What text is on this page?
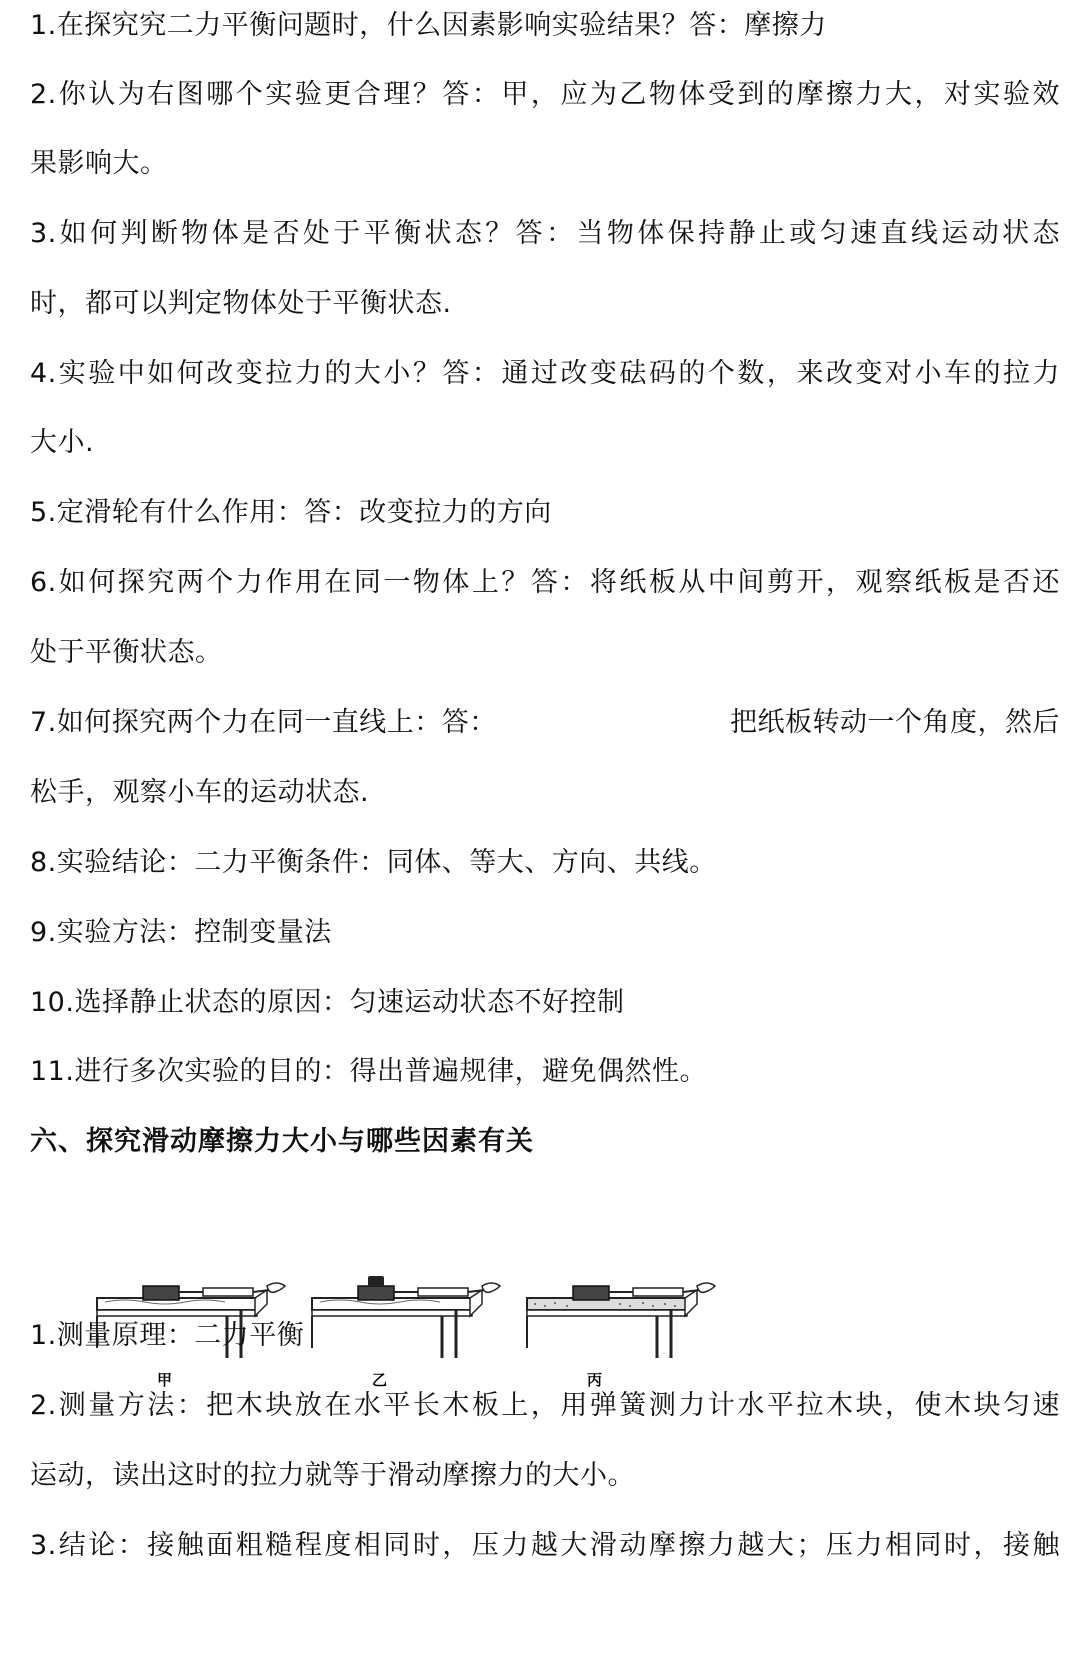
1.在探究究二力平衡问题时，什么因素影响实验结果？答：摩擦力
2.你认为右图哪个实验更合理？答：甲，应为乙物体受到的摩擦力大，对实验效
果影响大。
3.如何判断物体是否处于平衡状态？答：当物体保持静止或匀速直线运动状态
时，都可以判定物体处于平衡状态.
4.实验中如何改变拉力的大小？答：通过改变砝码的个数，来改变对小车的拉力
大小.
5.定滑轮有什么作用：答：改变拉力的方向
6.如何探究两个力作用在同一物体上？答：将纸板从中间剪开，观察纸板是否还
处于平衡状态。
7.如何探究两个力在同一直线上：答：	把纸板转动一个角度，然后
松手，观察小车的运动状态.
8.实验结论：二力平衡条件：同体、等大、方向、共线。
9.实验方法：控制变量法
10.选择静止状态的原因：匀速运动状态不好控制
11.进行多次实验的目的：得出普遍规律，避免偶然性。
六、探究滑动摩擦力大小与哪些因素有关
甲	乙	丙
1.测量原理：二力平衡
2.测量方法：把木块放在水平长木板上，用弹簧测力计水平拉木块，使木块匀速
运动，读出这时的拉力就等于滑动摩擦力的大小。
3.结论：接触面粗糙程度相同时，压力越大滑动摩擦力越大；压力相同时，接触
